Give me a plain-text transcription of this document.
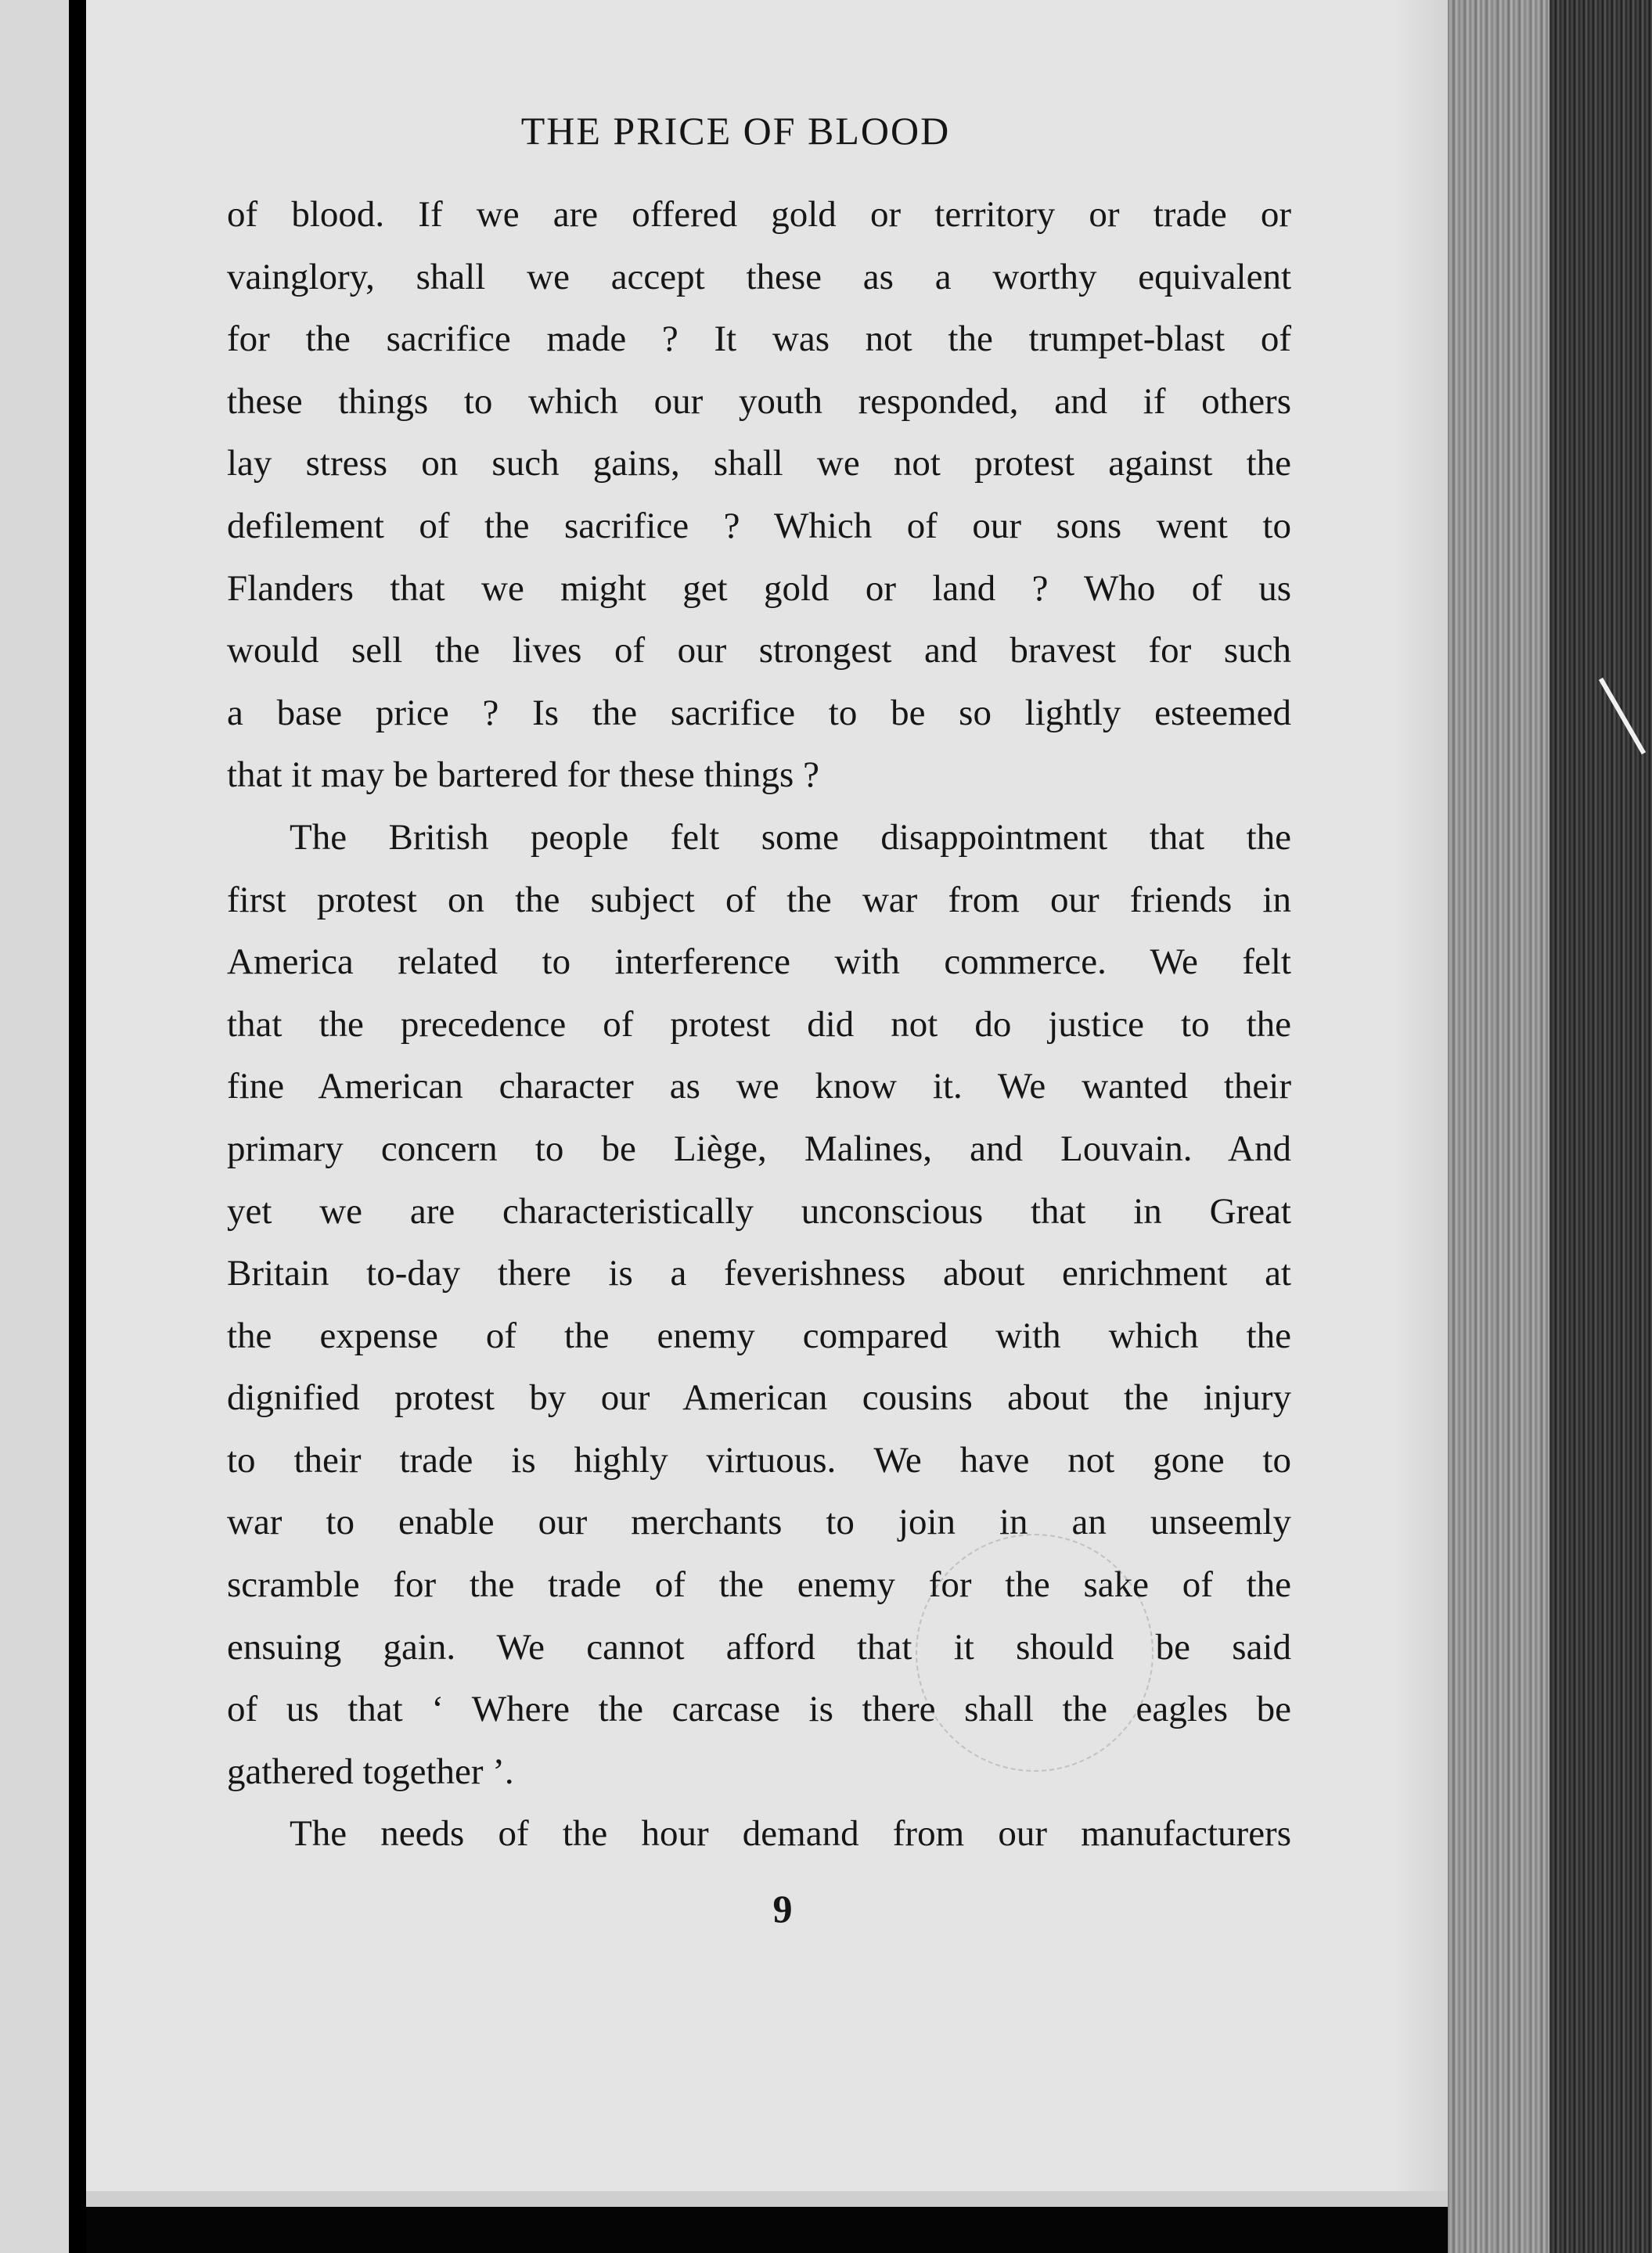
THE PRICE OF BLOOD
of blood. If we are offered gold or territory or trade or
vainglory, shall we accept these as a worthy equivalent
for the sacrifice made ? It was not the trumpet-blast of
these things to which our youth responded, and if others
lay stress on such gains, shall we not protest against the
defilement of the sacrifice ? Which of our sons went to
Flanders that we might get gold or land ? Who of us
would sell the lives of our strongest and bravest for such
a base price ? Is the sacrifice to be so lightly esteemed
that it may be bartered for these things ?
The British people felt some disappointment that the
first protest on the subject of the war from our friends in
America related to interference with commerce. We felt
that the precedence of protest did not do justice to the
fine American character as we know it. We wanted their
primary concern to be Liège, Malines, and Louvain. And
yet we are characteristically unconscious that in Great
Britain to-day there is a feverishness about enrichment at
the expense of the enemy compared with which the
dignified protest by our American cousins about the injury
to their trade is highly virtuous. We have not gone to
war to enable our merchants to join in an unseemly
scramble for the trade of the enemy for the sake of the
ensuing gain. We cannot afford that it should be said
of us that ‘ Where the carcase is there shall the eagles be
gathered together ’.
The needs of the hour demand from our manufacturers
9
